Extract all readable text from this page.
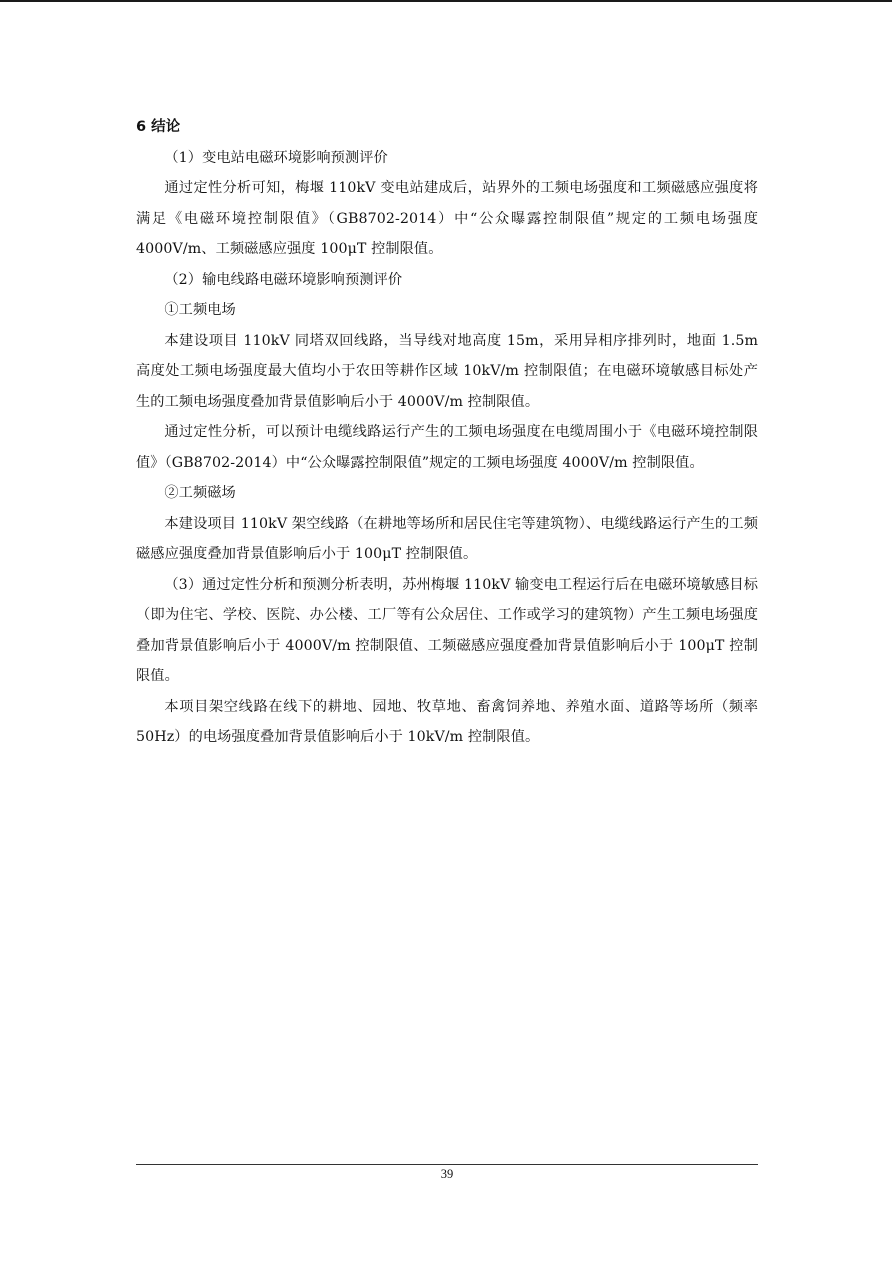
6 结论

（1）变电站电磁环境影响预测评价

通过定性分析可知，梅堰 110kV 变电站建成后，站界外的工频电场强度和工频磁感应强度将满足《电磁环境控制限值》（GB8702-2014）中“公众曝露控制限值”规定的工频电场强度 4000V/m、工频磁感应强度 100μT 控制限值。

（2）输电线路电磁环境影响预测评价

①工频电场

本建设项目 110kV 同塔双回线路，当导线对地高度 15m，采用异相序排列时，地面 1.5m 高度处工频电场强度最大值均小于农田等耕作区域 10kV/m 控制限值；在电磁环境敏感目标处产生的工频电场强度叠加背景值影响后小于 4000V/m 控制限值。

通过定性分析，可以预计电缆线路运行产生的工频电场强度在电缆周围小于《电磁环境控制限值》（GB8702-2014）中“公众曝露控制限值”规定的工频电场强度 4000V/m 控制限值。

②工频磁场

本建设项目 110kV 架空线路（在耕地等场所和居民住宅等建筑物）、电缆线路运行产生的工频磁感应强度叠加背景值影响后小于 100μT 控制限值。

（3）通过定性分析和预测分析表明，苏州梅堰 110kV 输变电工程运行后在电磁环境敏感目标（即为住宅、学校、医院、办公楼、工厂等有公众居住、工作或学习的建筑物）产生工频电场强度叠加背景值影响后小于 4000V/m 控制限值、工频磁感应强度叠加背景值影响后小于 100μT 控制限值。

本项目架空线路在线下的耕地、园地、牧草地、畜禽饲养地、养殖水面、道路等场所（频率 50Hz）的电场强度叠加背景值影响后小于 10kV/m 控制限值。

39
